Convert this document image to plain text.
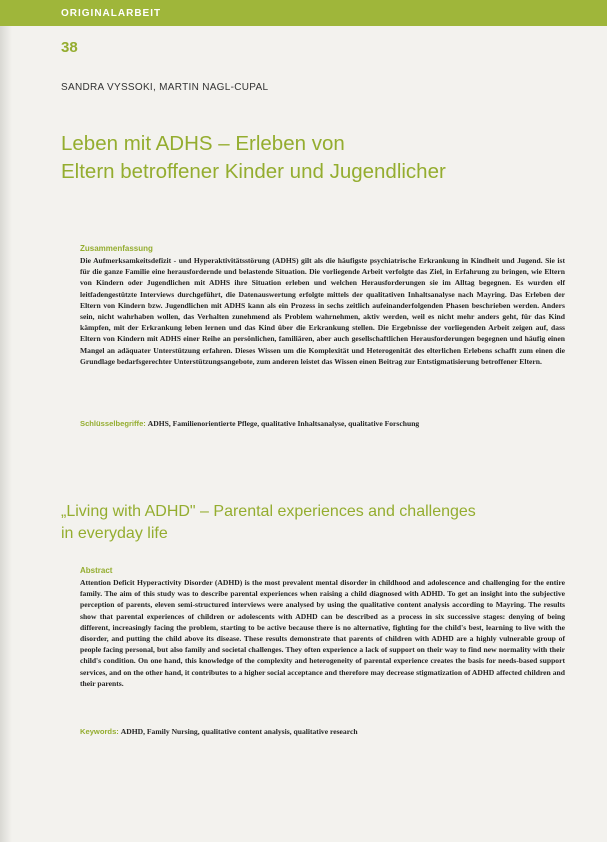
ORIGINALARBEIT
38
SANDRA VYSSOKI, MARTIN NAGL-CUPAL
Leben mit ADHS – Erleben von
Eltern betroffener Kinder und Jugendlicher
Zusammenfassung

Die Aufmerksamkeitsdefizit - und Hyperaktivitätsstörung (ADHS) gilt als die häufigste psychiatrische Erkrankung in Kindheit und Jugend. Sie ist für die ganze Familie eine herausfordernde und belastende Situation. Die vorliegende Arbeit verfolgte das Ziel, in Erfahrung zu bringen, wie Eltern von Kindern oder Jugendlichen mit ADHS ihre Situation erleben und welchen Herausforderungen sie im Alltag begegnen. Es wurden elf leitfadengestützte Interviews durchgeführt, die Datenauswertung erfolgte mittels der qualitativen Inhaltsanalyse nach Mayring. Das Erleben der Eltern von Kindern bzw. Jugendlichen mit ADHS kann als ein Prozess in sechs zeitlich aufeinanderfolgenden Phasen beschrieben werden. Anders sein, nicht wahrhaben wollen, das Verhalten zunehmend als Problem wahrnehmen, aktiv werden, weil es nicht mehr anders geht, für das Kind kämpfen, mit der Erkrankung leben lernen und das Kind über die Erkrankung stellen. Die Ergebnisse der vorliegenden Arbeit zeigen auf, dass Eltern von Kindern mit ADHS einer Reihe an persönlichen, familiären, aber auch gesellschaftlichen Herausforderungen begegnen und häufig einen Mangel an adäquater Unterstützung erfahren. Dieses Wissen um die Komplexität und Heterogenität des elterlichen Erlebens schafft zum einen die Grundlage bedarfsgerechter Unterstützungsangebote, zum anderen leistet das Wissen einen Beitrag zur Entstigmatisierung betroffener Eltern.

Schlüsselbegriffe: ADHS, Familienorientierte Pflege, qualitative Inhaltsanalyse, qualitative Forschung
„Living with ADHD" – Parental experiences and challenges
in everyday life
Abstract

Attention Deficit Hyperactivity Disorder (ADHD) is the most prevalent mental disorder in childhood and adolescence and challenging for the entire family. The aim of this study was to describe parental experiences when raising a child diagnosed with ADHD. To get an insight into the subjective perception of parents, eleven semi-structured interviews were analysed by using the qualitative content analysis according to Mayring. The results show that parental experiences of children or adolescents with ADHD can be described as a process in six successive stages: denying of being different, increasingly facing the problem, starting to be active because there is no alternative, fighting for the child's best, learning to live with the disorder, and putting the child above its disease. These results demonstrate that parents of children with ADHD are a highly vulnerable group of people facing personal, but also family and societal challenges. They often experience a lack of support on their way to find new normality with their child's condition. On one hand, this knowledge of the complexity and heterogeneity of parental experience creates the basis for needs-based support services, and on the other hand, it contributes to a higher social acceptance and therefore may decrease stigmatization of ADHD affected children and their parents.

Keywords: ADHD, Family Nursing, qualitative content analysis, qualitative research
